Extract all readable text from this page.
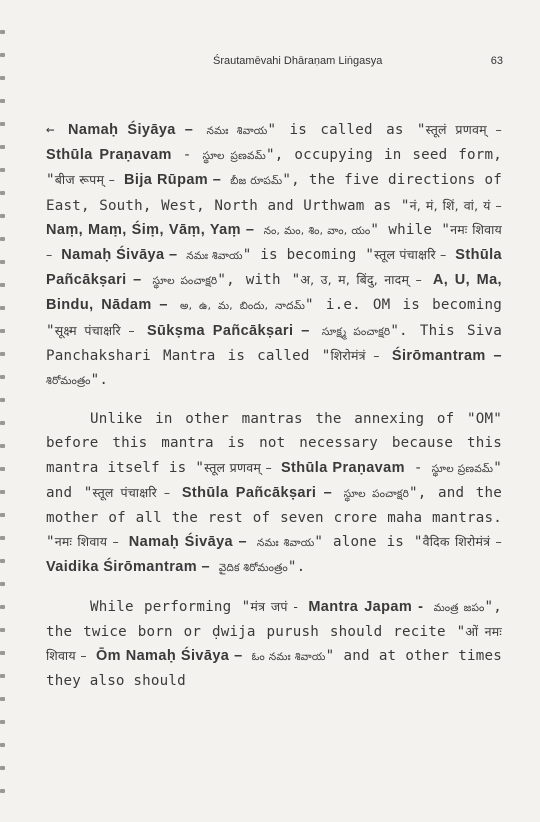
Śrautamēvahi Dhāraṇam Liṅgasya	63

← Namaḥ Śiyāya – నమః శివాయ" is called as "स्तूलं प्रणवम् – Sthūla Praṇavam - స్థూల ప్రణవమ్", occupying in seed form, "बीज रूपम् – Bija Rūpam – బీజ రూపమ్", the five directions of East, South, West, North and Urthwam as "नं, मं, शिं, वां, यं – Naṃ, Maṃ, Śiṃ, Vāṃ, Yaṃ – నం, మం, శిం, వాం, యం" while "नमः शिवाय – Namaḥ Śivāya – నమః శివాయ" is becoming "स्तूल पंचाक्षरि – Sthūla Pañcākṣari – స్థూల పంచాక్షరి", with "अ, उ, म, बिंदु, नादम् – A, U, Ma, Bindu, Nādam – అ, ఉ, మ, బిందు, నాదమ్" i.e. OM is becoming "सूक्ष्म पंचाक्षरि – Sūkṣma Pañcākṣari – సూక్ష్మ పంచాక్షరి". This Siva Panchakshari Mantra is called "शिरोमंत्रं – Śirōmantram – శిరోమంత్రం".

Unlike in other mantras the annexing of "OM" before this mantra is not necessary because this mantra itself is "स्तूल प्रणवम् – Sthūla Praṇavam - స్థూల ప్రణవమ్" and "स्तूल पंचाक्षरि – Sthūla Pañcākṣari – స్థూల పంచాక్షరి", and the mother of all the rest of seven crore maha mantras. "नमः शिवाय – Namaḥ Śivāya – నమః శివాయ" alone is "वैदिक शिरोमंत्रं – Vaidika Śirōmantram – వైదిక శిరోమంత్రం".

While performing "मंत्र जपं - Mantra Japam - మంత్ర జపం", the twice born or ḍwija purush should recite "ओं नमः शिवाय – Ōm Namaḥ Śivāya – ఓం నమః శివాయ" and at other times they also should
